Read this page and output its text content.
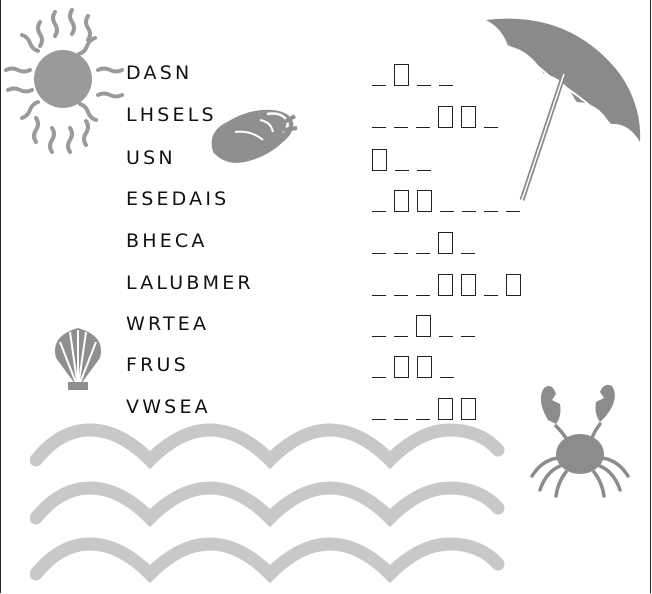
DASN
LHSELS
USN
ESEDAIS
BHECA
LALUBMER
WRTEA
FRUS
VWSEA
